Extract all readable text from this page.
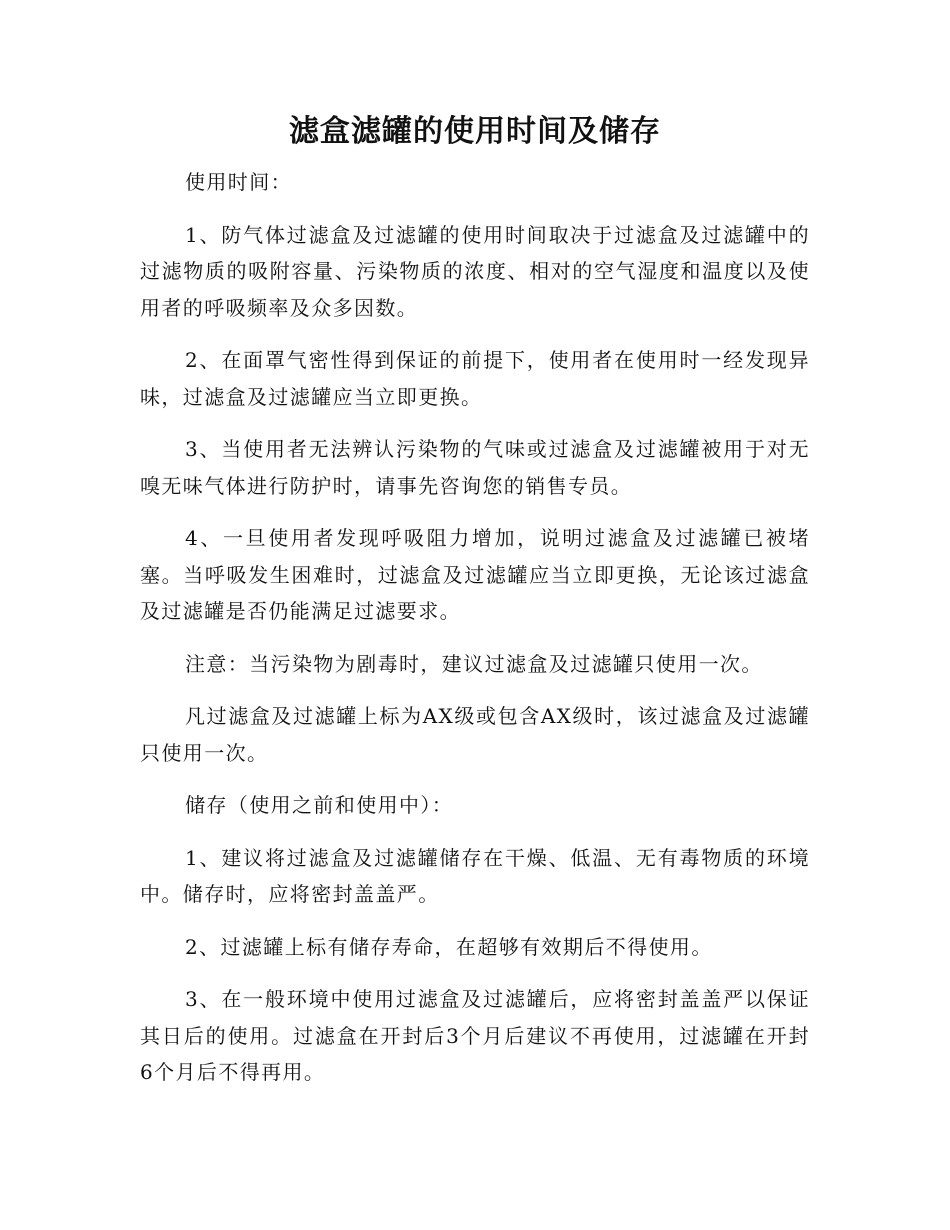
滤盒滤罐的使用时间及储存

使用时间：

1、防气体过滤盒及过滤罐的使用时间取决于过滤盒及过滤罐中的过滤物质的吸附容量、污染物质的浓度、相对的空气湿度和温度以及使用者的呼吸频率及众多因数。

2、在面罩气密性得到保证的前提下，使用者在使用时一经发现异味，过滤盒及过滤罐应当立即更换。

3、当使用者无法辨认污染物的气味或过滤盒及过滤罐被用于对无嗅无味气体进行防护时，请事先咨询您的销售专员。

4、一旦使用者发现呼吸阻力增加，说明过滤盒及过滤罐已被堵塞。当呼吸发生困难时，过滤盒及过滤罐应当立即更换，无论该过滤盒及过滤罐是否仍能满足过滤要求。

注意：当污染物为剧毒时，建议过滤盒及过滤罐只使用一次。

凡过滤盒及过滤罐上标为AX级或包含AX级时，该过滤盒及过滤罐只使用一次。

储存（使用之前和使用中）：

1、建议将过滤盒及过滤罐储存在干燥、低温、无有毒物质的环境中。储存时，应将密封盖盖严。

2、过滤罐上标有储存寿命，在超够有效期后不得使用。

3、在一般环境中使用过滤盒及过滤罐后，应将密封盖盖严以保证其日后的使用。过滤盒在开封后3个月后建议不再使用，过滤罐在开封6个月后不得再用。
